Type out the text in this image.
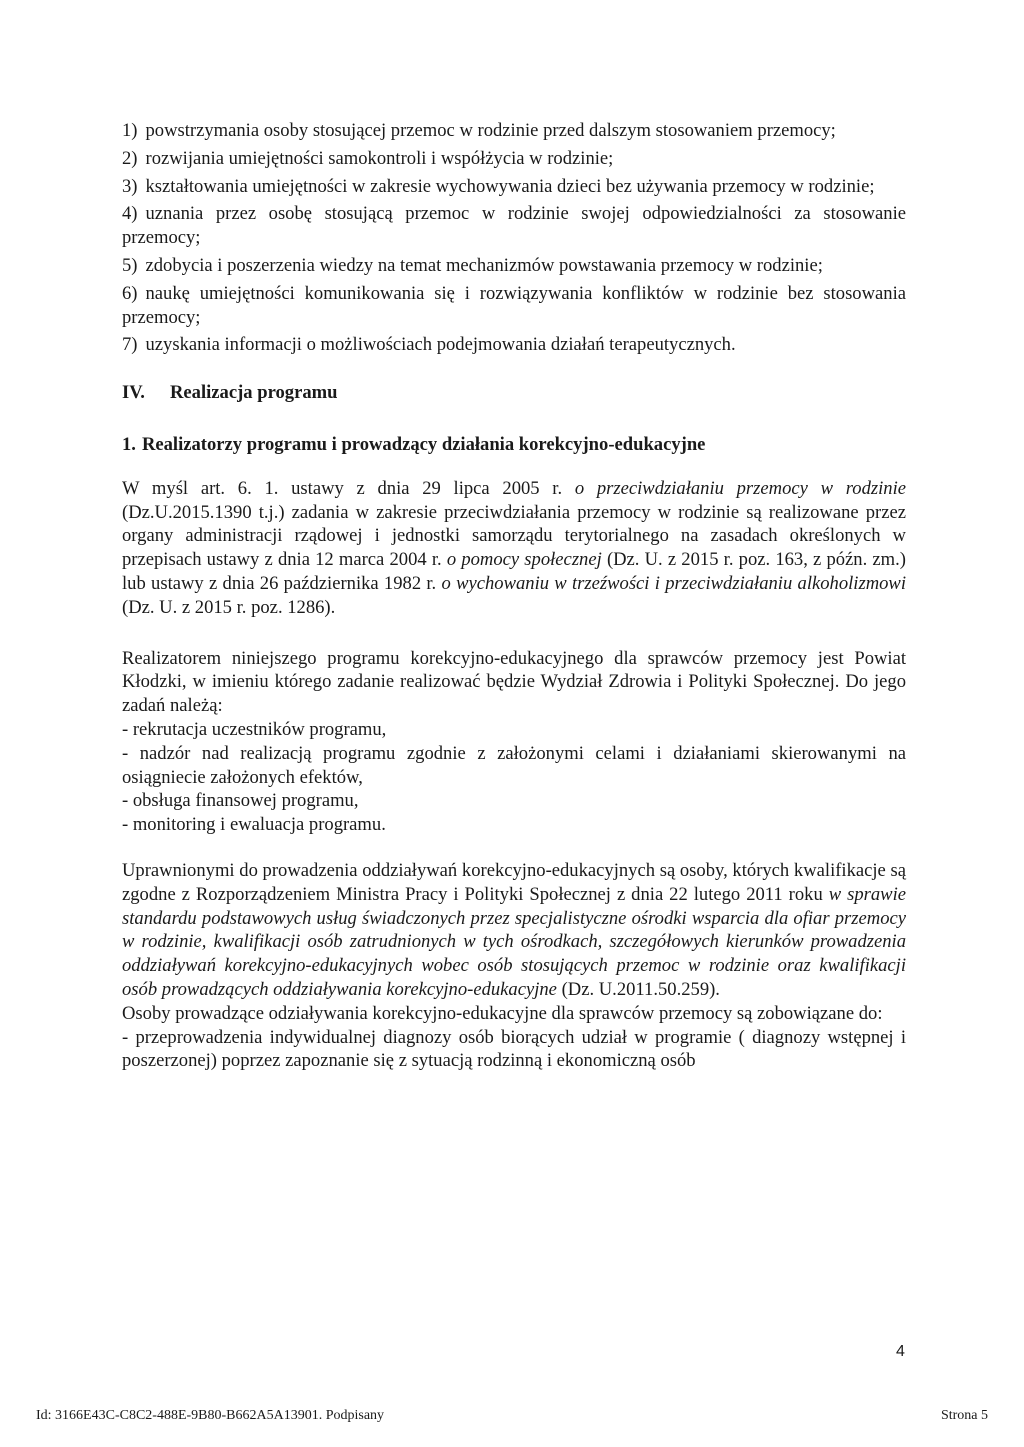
1) powstrzymania osoby stosującej przemoc w rodzinie przed dalszym stosowaniem przemocy;

2) rozwijania umiejętności samokontroli i współżycia w rodzinie;

3) kształtowania umiejętności w zakresie wychowywania dzieci bez używania przemocy w rodzinie;

4) uznania przez osobę stosującą przemoc w rodzinie swojej odpowiedzialności za stosowanie przemocy;

5) zdobycia i poszerzenia wiedzy na temat mechanizmów powstawania przemocy w rodzinie;

6) naukę umiejętności komunikowania się i rozwiązywania konfliktów w rodzinie bez stosowania przemocy;

7) uzyskania informacji o możliwościach podejmowania działań terapeutycznych.

IV. Realizacja programu

1. Realizatorzy programu i prowadzący działania korekcyjno-edukacyjne

W myśl art. 6. 1. ustawy z dnia 29 lipca 2005 r. o przeciwdziałaniu przemocy w rodzinie (Dz.U.2015.1390 t.j.) zadania w zakresie przeciwdziałania przemocy w rodzinie są realizowane przez organy administracji rządowej i jednostki samorządu terytorialnego na zasadach określonych w przepisach ustawy z dnia 12 marca 2004 r. o pomocy społecznej (Dz. U. z 2015 r. poz. 163, z późn. zm.) lub ustawy z dnia 26 października 1982 r. o wychowaniu w trzeźwości i przeciwdziałaniu alkoholizmowi (Dz. U. z 2015 r. poz. 1286).

Realizatorem niniejszego programu korekcyjno-edukacyjnego dla sprawców przemocy jest Powiat Kłodzki, w imieniu którego zadanie realizować będzie Wydział Zdrowia i Polityki Społecznej. Do jego zadań należą:

- rekrutacja uczestników programu,

- nadzór nad realizacją programu zgodnie z założonymi celami i działaniami skierowanymi na osiągniecie założonych efektów,

- obsługa finansowej programu,

- monitoring i ewaluacja programu.

Uprawnionymi do prowadzenia oddziaływań korekcyjno-edukacyjnych są osoby, których kwalifikacje są zgodne z Rozporządzeniem Ministra Pracy i Polityki Społecznej z dnia 22 lutego 2011 roku w sprawie standardu podstawowych usług świadczonych przez specjalistyczne ośrodki wsparcia dla ofiar przemocy w rodzinie, kwalifikacji osób zatrudnionych w tych ośrodkach, szczegółowych kierunków prowadzenia oddziaływań korekcyjno-edukacyjnych wobec osób stosujących przemoc w rodzinie oraz kwalifikacji osób prowadzących oddziaływania korekcyjno-edukacyjne (Dz. U.2011.50.259).

Osoby prowadzące odziaływania korekcyjno-edukacyjne dla sprawców przemocy są zobowiązane do:

- przeprowadzenia indywidualnej diagnozy osób biorących udział w programie ( diagnozy wstępnej i poszerzonej) poprzez zapoznanie się z sytuacją rodzinną i ekonomiczną osób

4
Id: 3166E43C-C8C2-488E-9B80-B662A5A13901. Podpisany	Strona 5
